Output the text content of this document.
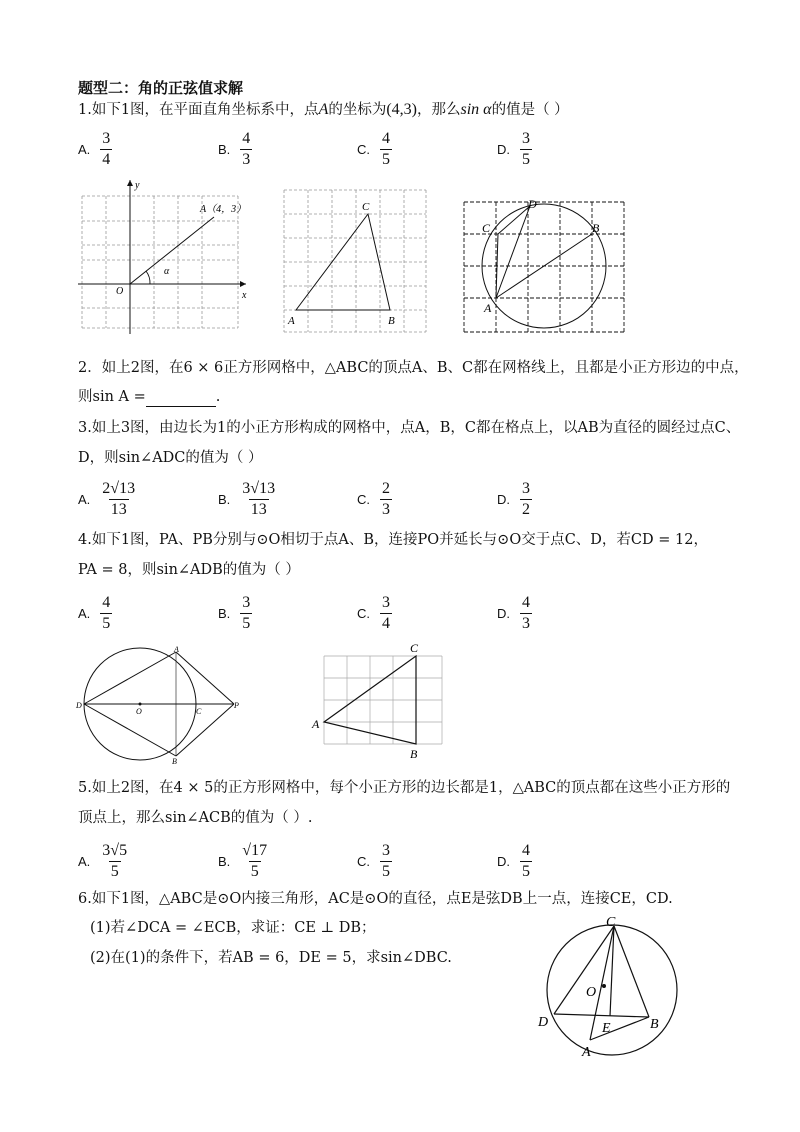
题型二：角的正弦值求解
1.如下1图，在平面直角坐标系中，点A的坐标为(4,3)，那么sin α的值是（ ）
A. $\frac{3}{4}$	B. $\frac{4}{3}$	C. $\frac{4}{5}$	D. $\frac{3}{5}$
y
x
O
A（4，3）
α
A	B
C
A
B
C
D
2．如上2图，在6 × 6正方形网格中，△ABC的顶点A、B、C都在网格线上，且都是小正方形边的中点，
则sin A =	.
3.如上3图，由边长为1的小正方形构成的网格中，点A，B，C都在格点上，以AB为直径的圆经过点C、
D，则sin∠ADC的值为（ ）
A. $\frac{2√13}{13}$	B. $\frac{3√13}{13}$	C. $\frac{2}{3}$	D. $\frac{3}{2}$
4.如下1图，PA、PB分别与⊙O相切于点A、B，连接PO并延长与⊙O交于点C、D，若CD = 12，
PA = 8，则sin∠ADB的值为（ ）
A. $\frac{4}{5}$	B. $\frac{3}{5}$	C. $\frac{3}{4}$	D. $\frac{4}{3}$
A
B
C
D
O
P
A
B
C
5.如上2图，在4 × 5的正方形网格中，每个小正方形的边长都是1，△ABC的顶点都在这些小正方形的
顶点上，那么sin∠ACB的值为（ ）.
A. $\frac{3√5}{5}$	B. $\frac{√17}{5}$	C. $\frac{3}{5}$	D. $\frac{4}{5}$
6.如下1图，△ABC是⊙O内接三角形，AC是⊙O的直径，点E是弦DB上一点，连接CE，CD.
(1)若∠DCA = ∠ECB，求证：CE ⊥ DB；
(2)在(1)的条件下，若AB = 6，DE = 5，求sin∠DBC.
C
O
D	E	B
A
